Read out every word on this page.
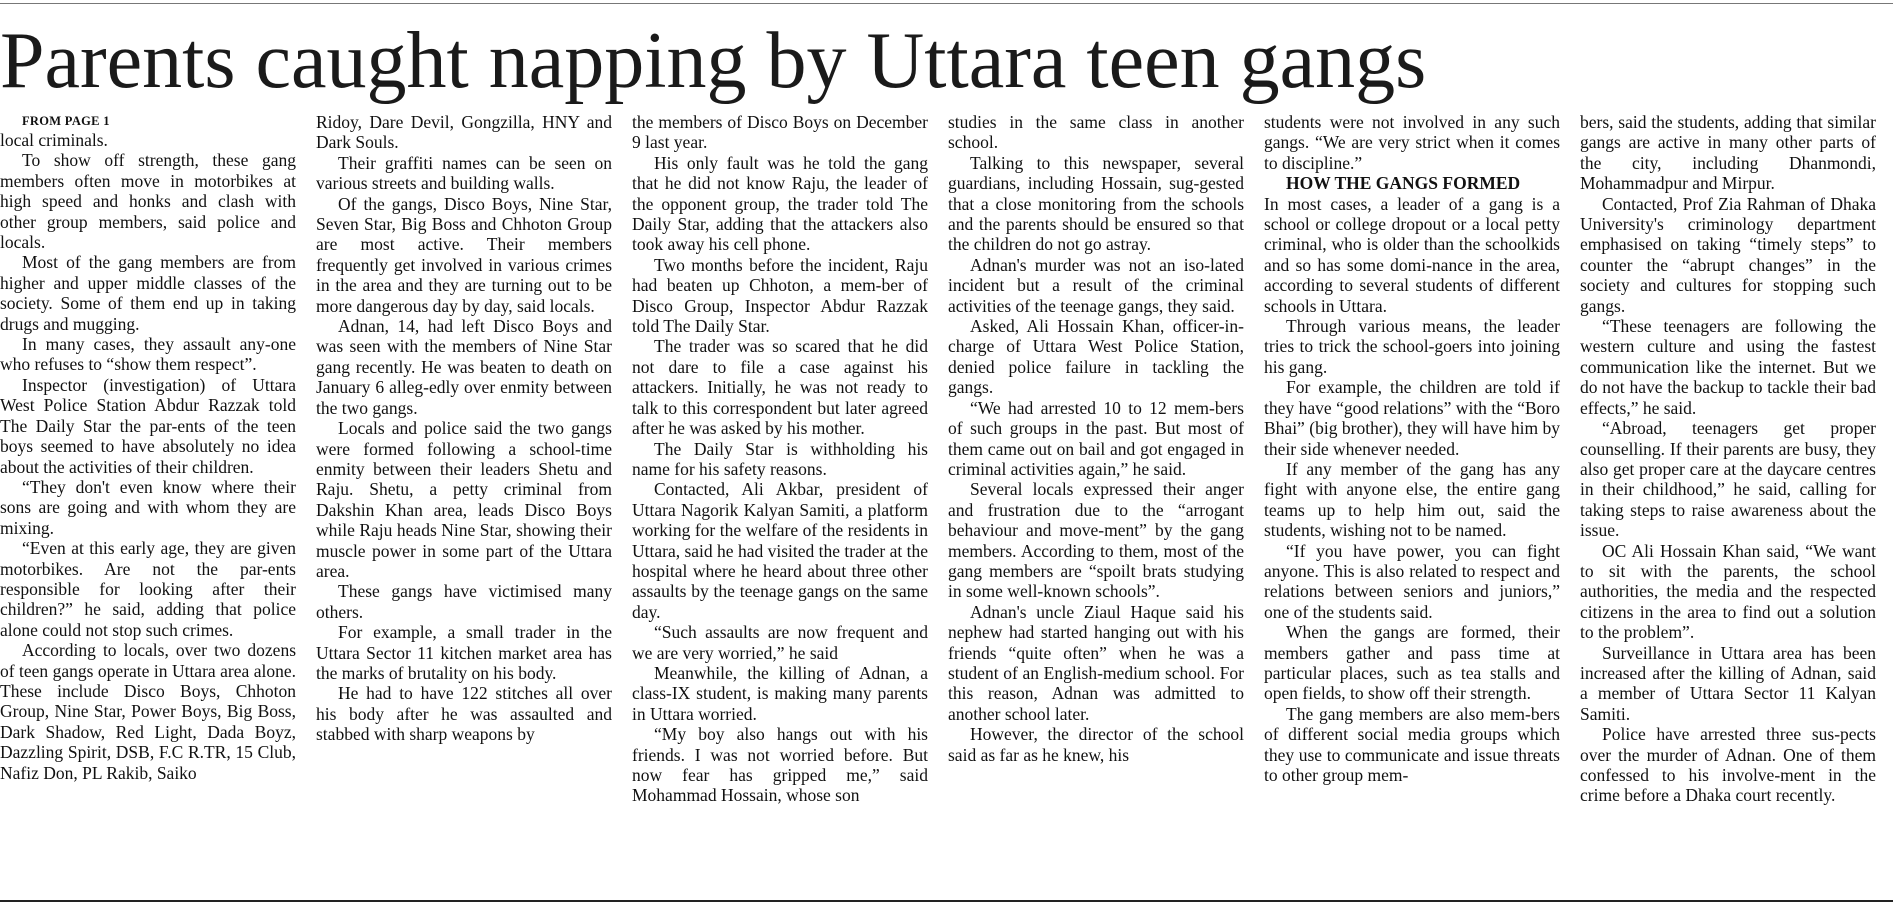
Parents caught napping by Uttara teen gangs

FROM PAGE 1

local criminals.

To show off strength, these gang members often move in motorbikes at high speed and honks and clash with other group members, said police and locals.

Most of the gang members are from higher and upper middle classes of the society. Some of them end up in taking drugs and mugging.

In many cases, they assault any-one who refuses to “show them respect”.

Inspector (investigation) of Uttara West Police Station Abdur Razzak told The Daily Star the par-ents of the teen boys seemed to have absolutely no idea about the activities of their children.

“They don't even know where their sons are going and with whom they are mixing.

“Even at this early age, they are given motorbikes. Are not the par-ents responsible for looking after their children?” he said, adding that police alone could not stop such crimes.

According to locals, over two dozens of teen gangs operate in Uttara area alone. These include Disco Boys, Chhoton Group, Nine Star, Power Boys, Big Boss, Dark Shadow, Red Light, Dada Boyz, Dazzling Spirit, DSB, F.C R.TR, 15 Club, Nafiz Don, PL Rakib, Saiko

Ridoy, Dare Devil, Gongzilla, HNY and Dark Souls.

Their graffiti names can be seen on various streets and building walls.

Of the gangs, Disco Boys, Nine Star, Seven Star, Big Boss and Chhoton Group are most active. Their members frequently get involved in various crimes in the area and they are turning out to be more dangerous day by day, said locals.

Adnan, 14, had left Disco Boys and was seen with the members of Nine Star gang recently. He was beaten to death on January 6 alleg-edly over enmity between the two gangs.

Locals and police said the two gangs were formed following a school-time enmity between their leaders Shetu and Raju. Shetu, a petty criminal from Dakshin Khan area, leads Disco Boys while Raju heads Nine Star, showing their muscle power in some part of the Uttara area.

These gangs have victimised many others.

For example, a small trader in the Uttara Sector 11 kitchen market area has the marks of brutality on his body.

He had to have 122 stitches all over his body after he was assaulted and stabbed with sharp weapons by

the members of Disco Boys on December 9 last year.

His only fault was he told the gang that he did not know Raju, the leader of the opponent group, the trader told The Daily Star, adding that the attackers also took away his cell phone.

Two months before the incident, Raju had beaten up Chhoton, a mem-ber of Disco Group, Inspector Abdur Razzak told The Daily Star.

The trader was so scared that he did not dare to file a case against his attackers. Initially, he was not ready to talk to this correspondent but later agreed after he was asked by his mother.

The Daily Star is withholding his name for his safety reasons.

Contacted, Ali Akbar, president of Uttara Nagorik Kalyan Samiti, a platform working for the welfare of the residents in Uttara, said he had visited the trader at the hospital where he heard about three other assaults by the teenage gangs on the same day.

“Such assaults are now frequent and we are very worried,” he said

Meanwhile, the killing of Adnan, a class-IX student, is making many parents in Uttara worried.

“My boy also hangs out with his friends. I was not worried before. But now fear has gripped me,” said Mohammad Hossain, whose son

studies in the same class in another school.

Talking to this newspaper, several guardians, including Hossain, sug-gested that a close monitoring from the schools and the parents should be ensured so that the children do not go astray.

Adnan's murder was not an iso-lated incident but a result of the criminal activities of the teenage gangs, they said.

Asked, Ali Hossain Khan, officer-in-charge of Uttara West Police Station, denied police failure in tackling the gangs.

“We had arrested 10 to 12 mem-bers of such groups in the past. But most of them came out on bail and got engaged in criminal activities again,” he said.

Several locals expressed their anger and frustration due to the “arrogant behaviour and move-ment” by the gang members. According to them, most of the gang members are “spoilt brats studying in some well-known schools”.

Adnan's uncle Ziaul Haque said his nephew had started hanging out with his friends “quite often” when he was a student of an English-medium school. For this reason, Adnan was admitted to another school later.

However, the director of the school said as far as he knew, his

students were not involved in any such gangs. “We are very strict when it comes to discipline.”

HOW THE GANGS FORMED

In most cases, a leader of a gang is a school or college dropout or a local petty criminal, who is older than the schoolkids and so has some domi-nance in the area, according to several students of different schools in Uttara.

Through various means, the leader tries to trick the school-goers into joining his gang.

For example, the children are told if they have “good relations” with the “Boro Bhai” (big brother), they will have him by their side whenever needed.

If any member of the gang has any fight with anyone else, the entire gang teams up to help him out, said the students, wishing not to be named.

“If you have power, you can fight anyone. This is also related to respect and relations between seniors and juniors,” one of the students said.

When the gangs are formed, their members gather and pass time at particular places, such as tea stalls and open fields, to show off their strength.

The gang members are also mem-bers of different social media groups which they use to communicate and issue threats to other group mem-

bers, said the students, adding that similar gangs are active in many other parts of the city, including Dhanmondi, Mohammadpur and Mirpur.

Contacted, Prof Zia Rahman of Dhaka University's criminology department emphasised on taking “timely steps” to counter the “abrupt changes” in the society and cultures for stopping such gangs.

“These teenagers are following the western culture and using the fastest communication like the internet. But we do not have the backup to tackle their bad effects,” he said.

“Abroad, teenagers get proper counselling. If their parents are busy, they also get proper care at the daycare centres in their childhood,” he said, calling for taking steps to raise awareness about the issue.

OC Ali Hossain Khan said, “We want to sit with the parents, the school authorities, the media and the respected citizens in the area to find out a solution to the problem”.

Surveillance in Uttara area has been increased after the killing of Adnan, said a member of Uttara Sector 11 Kalyan Samiti.

Police have arrested three sus-pects over the murder of Adnan. One of them confessed to his involve-ment in the crime before a Dhaka court recently.
